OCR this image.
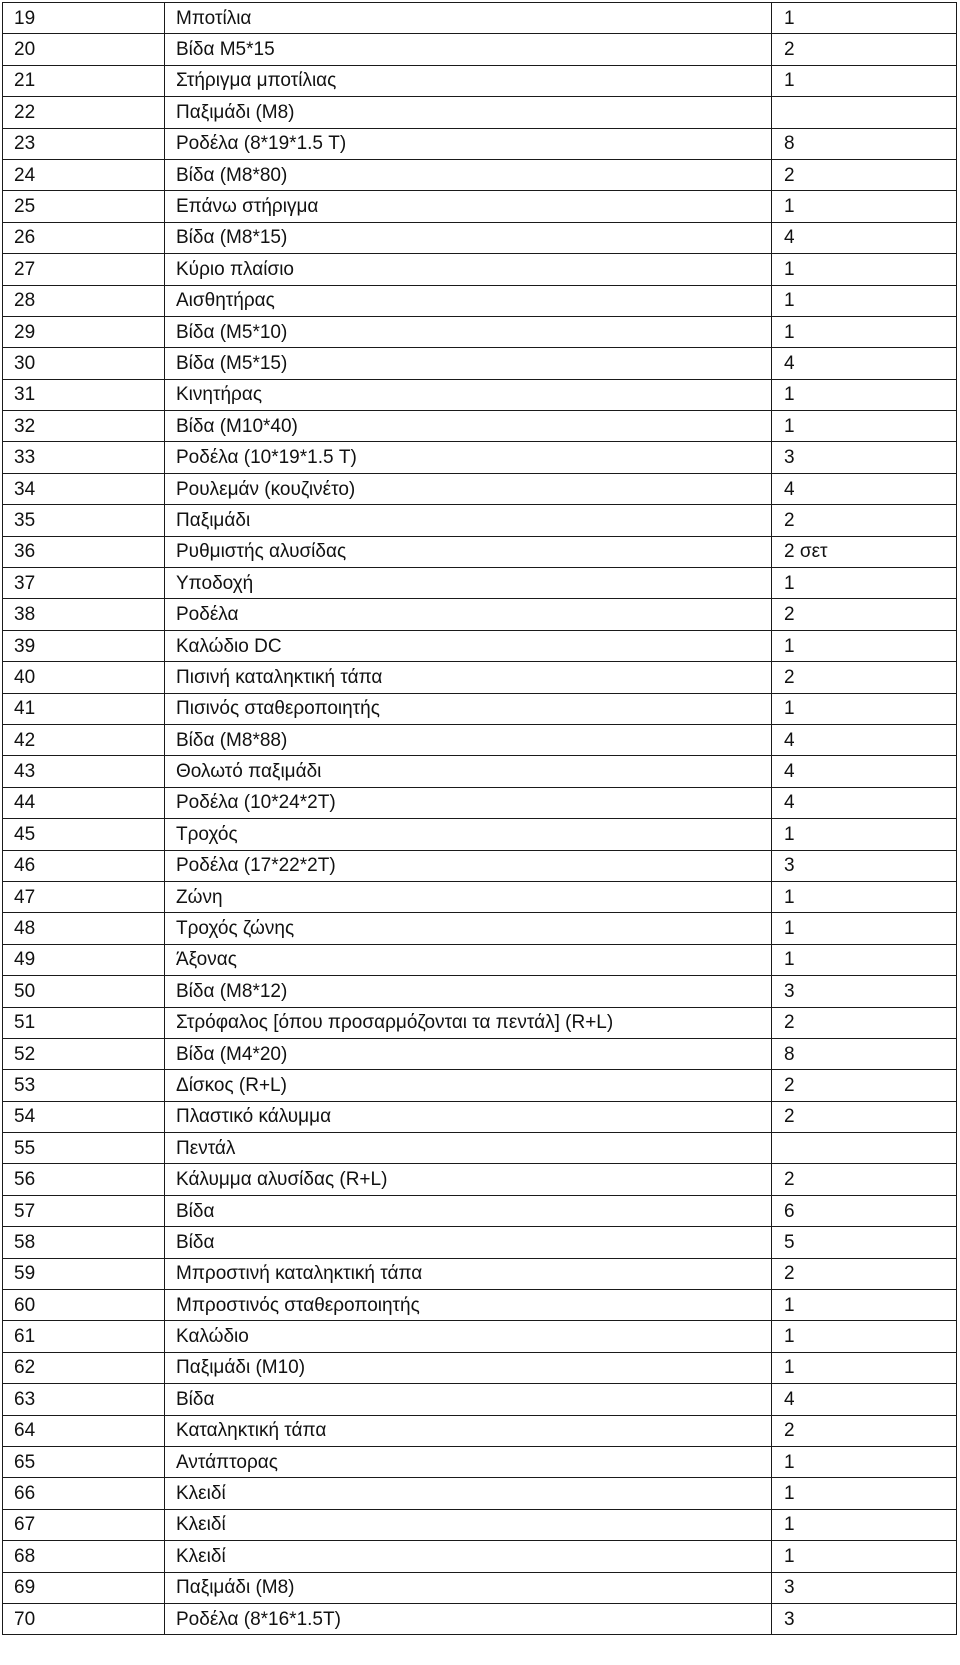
19	Μποτίλια	1
20	Βίδα M5*15	2
21	Στήριγμα μποτίλιας	1
22	Παξιμάδι (M8)	
23	Ροδέλα (8*19*1.5 T)	8
24	Βίδα (M8*80)	2
25	Επάνω στήριγμα	1
26	Βίδα (M8*15)	4
27	Κύριο πλαίσιο	1
28	Αισθητήρας	1
29	Βίδα (M5*10)	1
30	Βίδα (M5*15)	4
31	Κινητήρας	1
32	Βίδα (M10*40)	1
33	Ροδέλα (10*19*1.5 T)	3
34	Ρουλεμάν (κουζινέτο)	4
35	Παξιμάδι	2
36	Ρυθμιστής αλυσίδας	2 σετ
37	Υποδοχή	1
38	Ροδέλα	2
39	Καλώδιο DC	1
40	Πισινή καταληκτική τάπα	2
41	Πισινός σταθεροποιητής	1
42	Βίδα (M8*88)	4
43	Θολωτό παξιμάδι	4
44	Ροδέλα (10*24*2T)	4
45	Τροχός	1
46	Ροδέλα (17*22*2T)	3
47	Ζώνη	1
48	Τροχός ζώνης	1
49	Άξονας	1
50	Βίδα (M8*12)	3
51	Στρόφαλος [όπου προσαρμόζονται τα πεντάλ] (R+L)	2
52	Βίδα (M4*20)	8
53	Δίσκος (R+L)	2
54	Πλαστικό κάλυμμα	2
55	Πεντάλ	
56	Κάλυμμα αλυσίδας (R+L)	2
57	Βίδα	6
58	Βίδα	5
59	Μπροστινή καταληκτική τάπα	2
60	Μπροστινός σταθεροποιητής	1
61	Καλώδιο	1
62	Παξιμάδι (M10)	1
63	Βίδα	4
64	Καταληκτική τάπα	2
65	Αντάπτορας	1
66	Κλειδί	1
67	Κλειδί	1
68	Κλειδί	1
69	Παξιμάδι (M8)	3
70	Ροδέλα (8*16*1.5T)	3
